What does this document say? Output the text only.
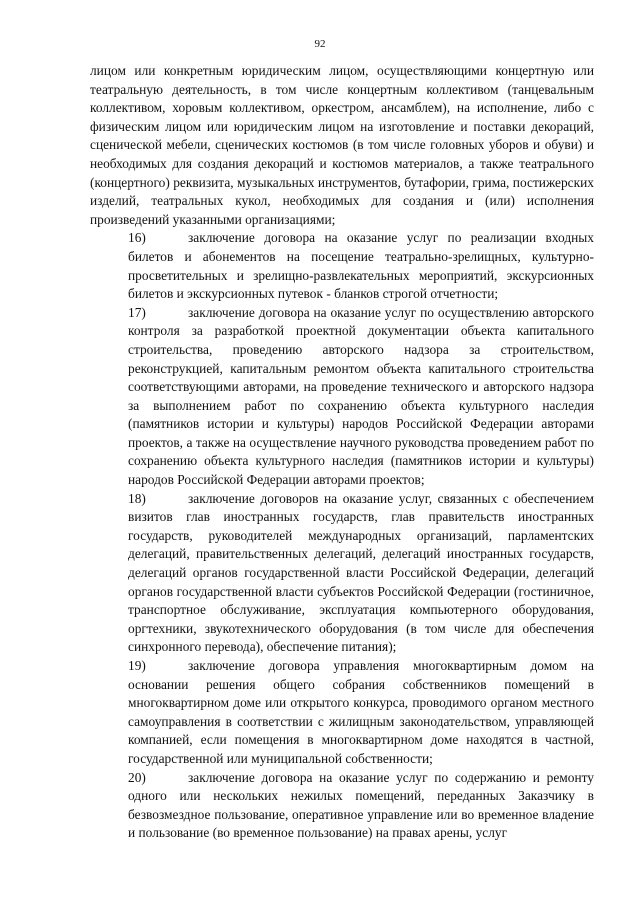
92

лицом или конкретным юридическим лицом, осуществляющими концертную или театральную деятельность, в том числе концертным коллективом (танцевальным коллективом, хоровым коллективом, оркестром, ансамблем), на исполнение, либо с физическим лицом или юридическим лицом на изготовление и поставки декораций, сценической мебели, сценических костюмов (в том числе головных уборов и обуви) и необходимых для создания декораций и костюмов материалов, а также театрального (концертного) реквизита, музыкальных инструментов, бутафории, грима, постижерских изделий, театральных кукол, необходимых для создания и (или) исполнения произведений указанными организациями;

16)	заключение договора на оказание услуг по реализации входных билетов и абонементов на посещение театрально-зрелищных, культурно-просветительных и зрелищно-развлекательных мероприятий, экскурсионных билетов и экскурсионных путевок - бланков строгой отчетности;

17)	заключение договора на оказание услуг по осуществлению авторского контроля за разработкой проектной документации объекта капитального строительства, проведению авторского надзора за строительством, реконструкцией, капитальным ремонтом объекта капитального строительства соответствующими авторами, на проведение технического и авторского надзора за выполнением работ по сохранению объекта культурного наследия (памятников истории и культуры) народов Российской Федерации авторами проектов, а также на осуществление научного руководства проведением работ по сохранению объекта культурного наследия (памятников истории и культуры) народов Российской Федерации авторами проектов;

18)	заключение договоров на оказание услуг, связанных с обеспечением визитов глав иностранных государств, глав правительств иностранных государств, руководителей международных организаций, парламентских делегаций, правительственных делегаций, делегаций иностранных государств, делегаций органов государственной власти Российской Федерации, делегаций органов государственной власти субъектов Российской Федерации (гостиничное, транспортное обслуживание, эксплуатация компьютерного оборудования, оргтехники, звукотехнического оборудования (в том числе для обеспечения синхронного перевода), обеспечение питания);

19)	заключение договора управления многоквартирным домом на основании решения общего собрания собственников помещений в многоквартирном доме или открытого конкурса, проводимого органом местного самоуправления в соответствии с жилищным законодательством, управляющей компанией, если помещения в многоквартирном доме находятся в частной, государственной или муниципальной собственности;

20)	заключение договора на оказание услуг по содержанию и ремонту одного или нескольких нежилых помещений, переданных Заказчику в безвозмездное пользование, оперативное управление или во временное владение и пользование (во временное пользование) на правах арены, услуг
